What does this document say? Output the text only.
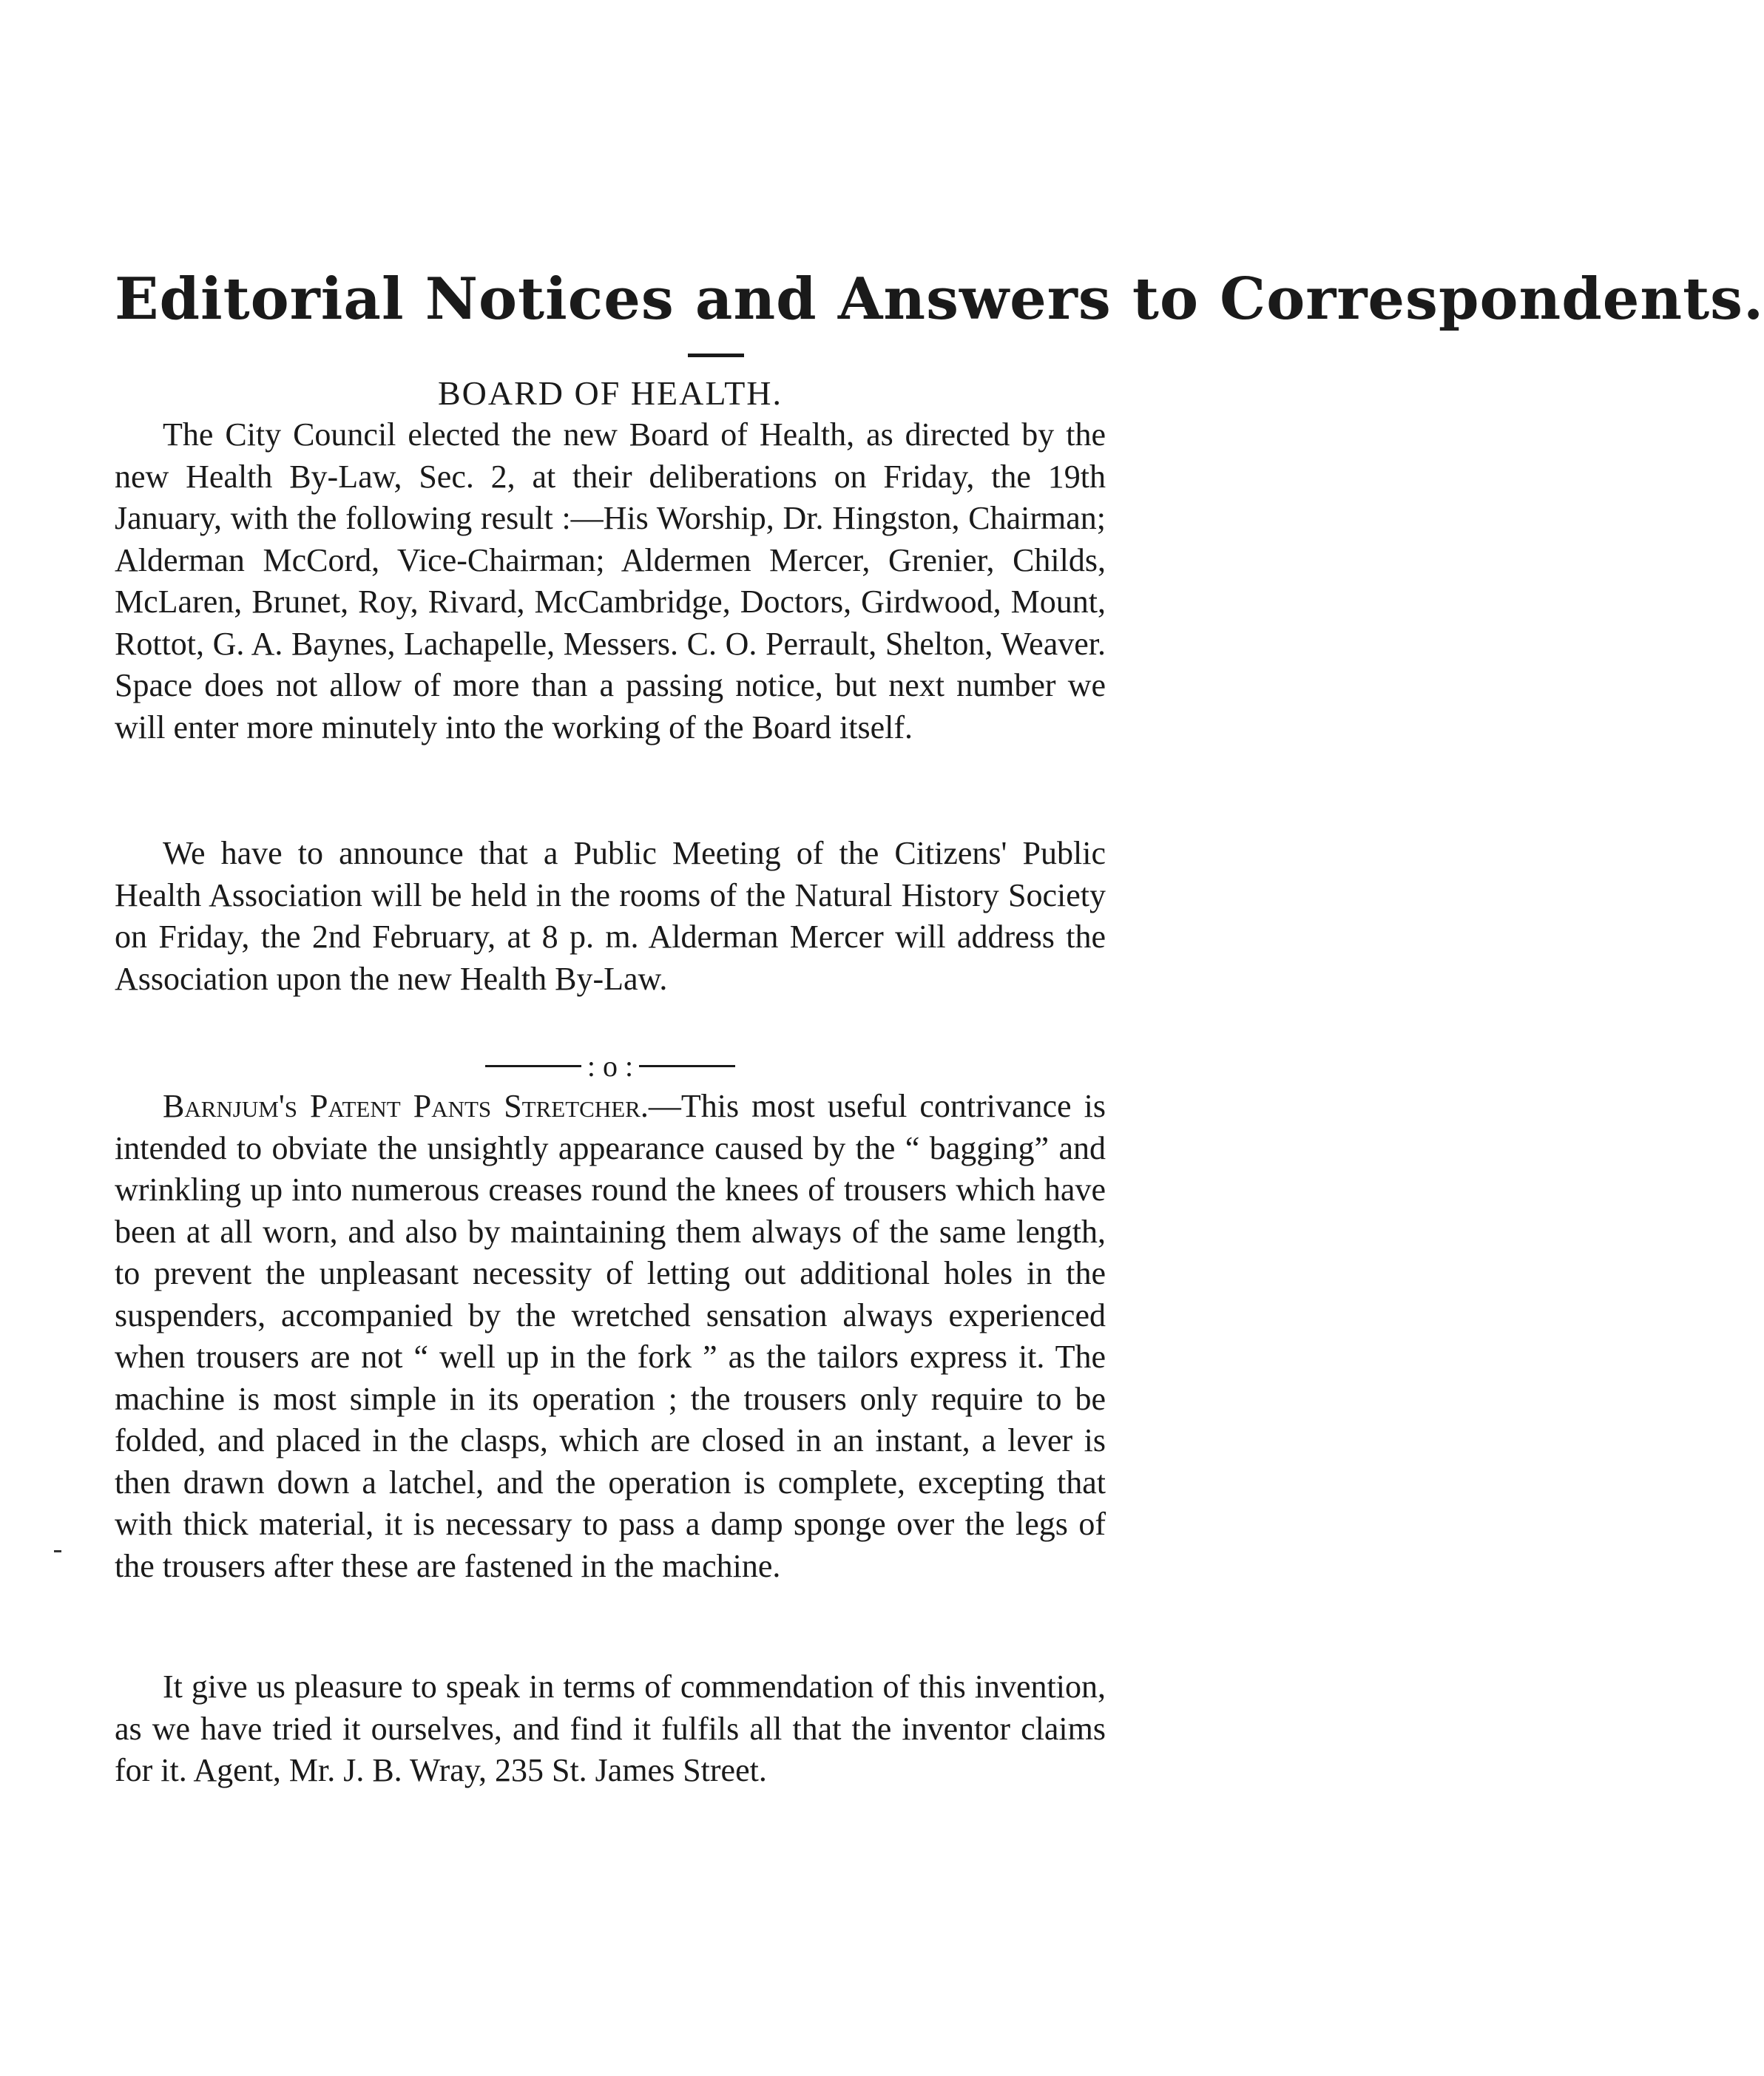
Editorial Notices and Answers to Correspondents.
BOARD OF HEALTH.

The City Council elected the new Board of Health, as directed by the new Health By-Law, Sec. 2, at their deliberations on Friday, the 19th January, with the following result :—His Worship, Dr. Hingston, Chairman; Alderman McCord, Vice-Chairman; Aldermen Mercer, Grenier, Childs, McLaren, Brunet, Roy, Rivard, McCambridge, Doctors, Girdwood, Mount, Rottot, G. A. Baynes, Lachapelle, Messers. C. O. Perrault, Shelton, Weaver. Space does not allow of more than a passing notice, but next number we will enter more minutely into the working of the Board itself.

We have to announce that a Public Meeting of the Citizens' Public Health Association will be held in the rooms of the Natural History Society on Friday, the 2nd February, at 8 p. m. Alderman Mercer will address the Association upon the new Health By-Law.

: o :

Barnjum's Patent Pants Stretcher.—This most useful contrivance is intended to obviate the unsightly appearance caused by the “ bagging” and wrinkling up into numerous creases round the knees of trousers which have been at all worn, and also by maintaining them always of the same length, to prevent the unpleasant necessity of letting out additional holes in the suspenders, accompanied by the wretched sensation always experienced when trousers are not “ well up in the fork ” as the tailors express it. The machine is most simple in its operation ; the trousers only require to be folded, and placed in the clasps, which are closed in an instant, a lever is then drawn down a latchel, and the operation is complete, excepting that with thick material, it is necessary to pass a damp sponge over the legs of the trousers after these are fastened in the machine.

It give us pleasure to speak in terms of commendation of this invention, as we have tried it ourselves, and find it fulfils all that the inventor claims for it. Agent, Mr. J. B. Wray, 235 St. James Street.
